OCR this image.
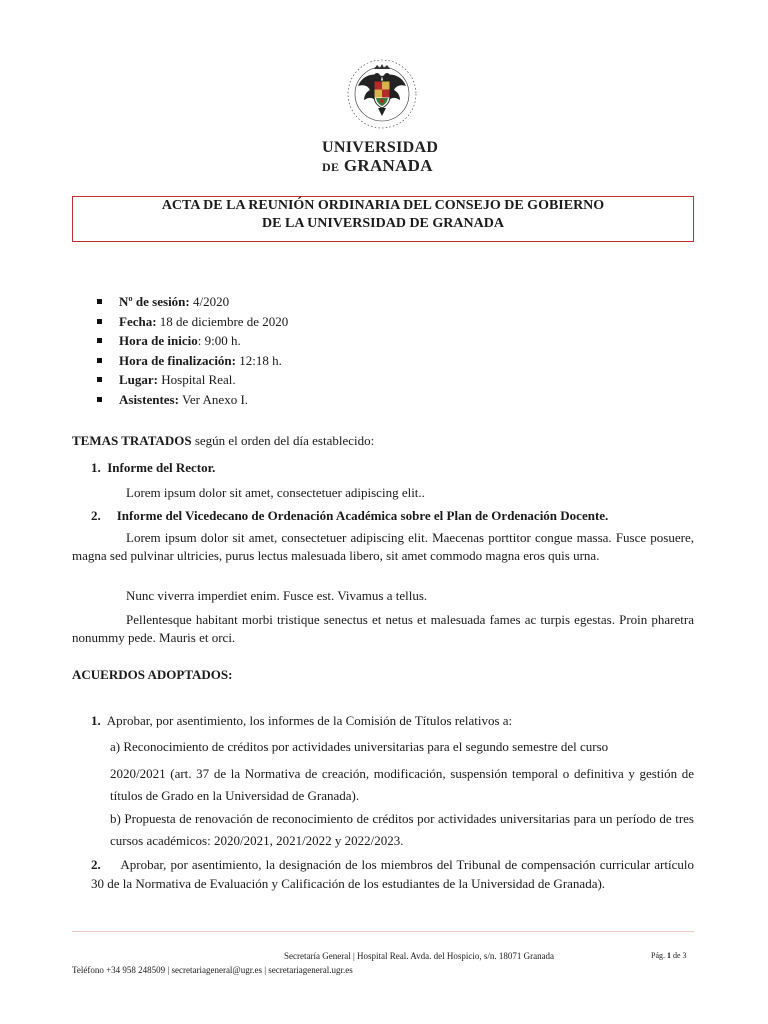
UNIVERSIDAD
DE GRANADA
ACTA DE LA REUNIÓN ORDINARIA DEL CONSEJO DE GOBIERNO
DE LA UNIVERSIDAD DE GRANADA
Nº de sesión: 4/2020
Fecha: 18 de diciembre de 2020
Hora de inicio: 9:00 h.
Hora de finalización: 12:18 h.
Lugar: Hospital Real.
Asistentes: Ver Anexo I.
TEMAS TRATADOS según el orden del día establecido:
1. Informe del Rector.
Lorem ipsum dolor sit amet, consectetuer adipiscing elit..
2. Informe del Vicedecano de Ordenación Académica sobre el Plan de Ordenación Docente.
Lorem ipsum dolor sit amet, consectetuer adipiscing elit. Maecenas porttitor congue massa. Fusce posuere, magna sed pulvinar ultricies, purus lectus malesuada libero, sit amet commodo magna eros quis urna.
Nunc viverra imperdiet enim. Fusce est. Vivamus a tellus.
Pellentesque habitant morbi tristique senectus et netus et malesuada fames ac turpis egestas. Proin pharetra nonummy pede. Mauris et orci.
ACUERDOS ADOPTADOS:
1. Aprobar, por asentimiento, los informes de la Comisión de Títulos relativos a:
a) Reconocimiento de créditos por actividades universitarias para el segundo semestre del curso
2020/2021 (art. 37 de la Normativa de creación, modificación, suspensión temporal o definitiva y gestión de títulos de Grado en la Universidad de Granada).
b) Propuesta de renovación de reconocimiento de créditos por actividades universitarias para un período de tres cursos académicos: 2020/2021, 2021/2022 y 2022/2023.
2. Aprobar, por asentimiento, la designación de los miembros del Tribunal de compensación curricular artículo 30 de la Normativa de Evaluación y Calificación de los estudiantes de la Universidad de Granada).
Secretaría General | Hospital Real. Avda. del Hospicio, s/n. 18071 Granada	Pág. 1 de 3
Teléfono +34 958 248509 | secretariageneral@ugr.es | secretariageneral.ugr.es
